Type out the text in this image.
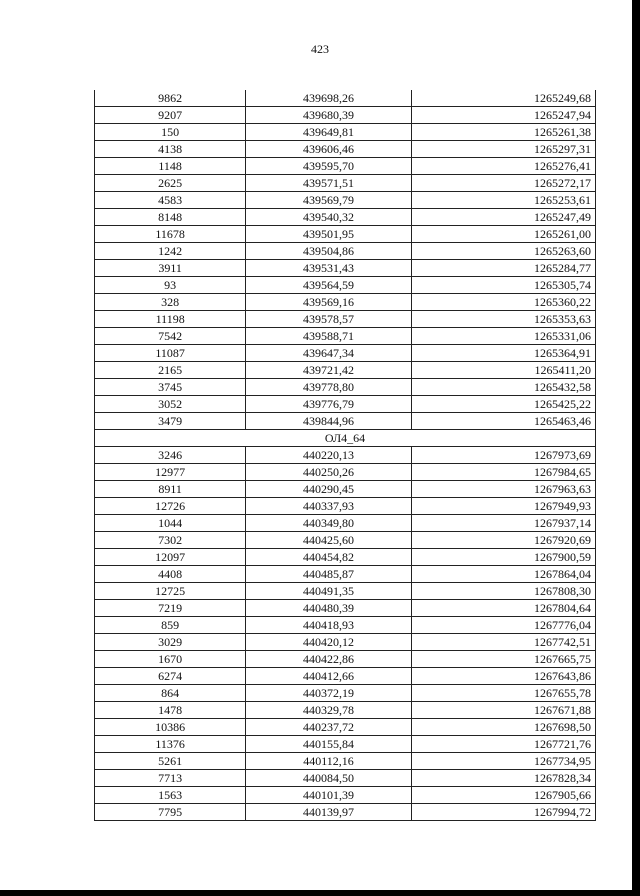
423
9862	439698,26	1265249,68
9207	439680,39	1265247,94
150	439649,81	1265261,38
4138	439606,46	1265297,31
1148	439595,70	1265276,41
2625	439571,51	1265272,17
4583	439569,79	1265253,61
8148	439540,32	1265247,49
11678	439501,95	1265261,00
1242	439504,86	1265263,60
3911	439531,43	1265284,77
93	439564,59	1265305,74
328	439569,16	1265360,22
11198	439578,57	1265353,63
7542	439588,71	1265331,06
11087	439647,34	1265364,91
2165	439721,42	1265411,20
3745	439778,80	1265432,58
3052	439776,79	1265425,22
3479	439844,96	1265463,46
ОЛ4_64		
3246	440220,13	1267973,69
12977	440250,26	1267984,65
8911	440290,45	1267963,63
12726	440337,93	1267949,93
1044	440349,80	1267937,14
7302	440425,60	1267920,69
12097	440454,82	1267900,59
4408	440485,87	1267864,04
12725	440491,35	1267808,30
7219	440480,39	1267804,64
859	440418,93	1267776,04
3029	440420,12	1267742,51
1670	440422,86	1267665,75
6274	440412,66	1267643,86
864	440372,19	1267655,78
1478	440329,78	1267671,88
10386	440237,72	1267698,50
11376	440155,84	1267721,76
5261	440112,16	1267734,95
7713	440084,50	1267828,34
1563	440101,39	1267905,66
7795	440139,97	1267994,72
